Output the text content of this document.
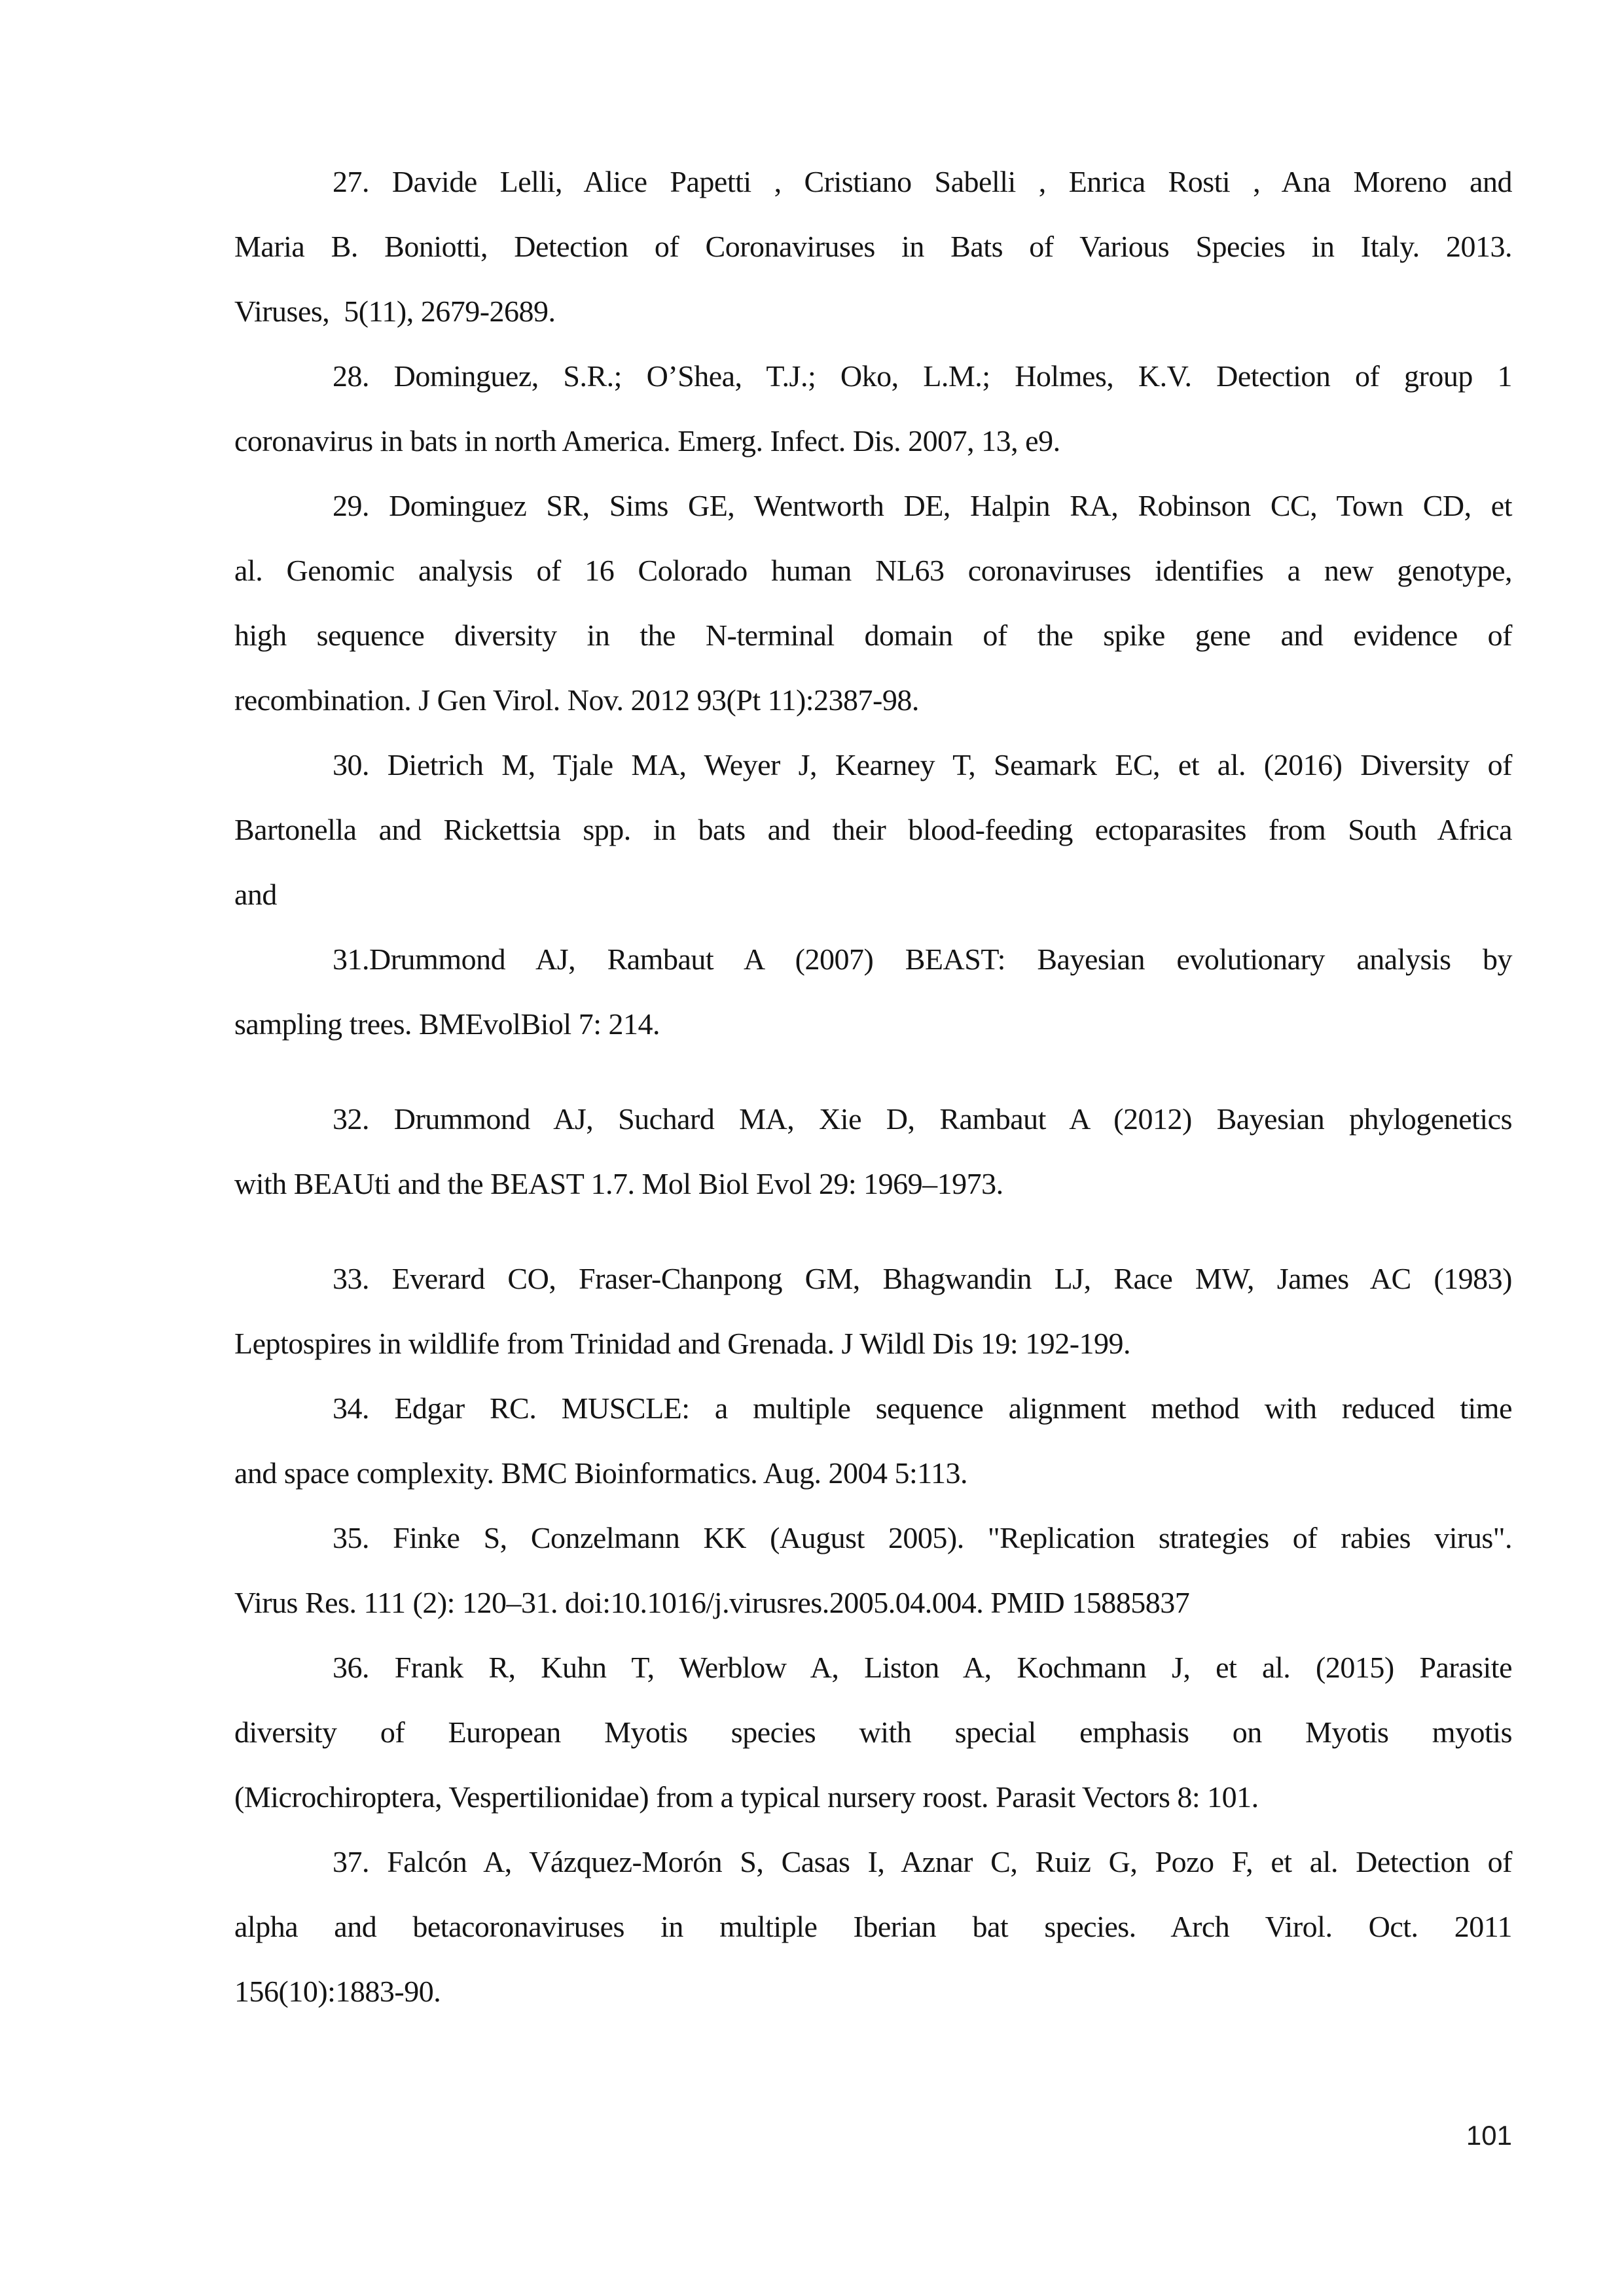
27. Davide Lelli, Alice Papetti , Cristiano Sabelli , Enrica Rosti , Ana Moreno and
Maria B. Boniotti, Detection of Coronaviruses in Bats of Various Species in Italy. 2013.
Viruses,  5(11), 2679-2689.

28. Dominguez, S.R.; O’Shea, T.J.; Oko, L.M.; Holmes, K.V. Detection of group 1
coronavirus in bats in north America. Emerg. Infect. Dis. 2007, 13, e9.

29. Dominguez SR, Sims GE, Wentworth DE, Halpin RA, Robinson CC, Town CD, et
al. Genomic analysis of 16 Colorado human NL63 coronaviruses identifies a new genotype,
high sequence diversity in the N-terminal domain of the spike gene and evidence of
recombination. J Gen Virol. Nov. 2012 93(Pt 11):2387-98.

30. Dietrich M, Tjale MA, Weyer J, Kearney T, Seamark EC, et al. (2016) Diversity of
Bartonella and Rickettsia spp. in bats and their blood-feeding ectoparasites from South Africa
and

31.Drummond AJ, Rambaut A (2007) BEAST: Bayesian evolutionary analysis by
sampling trees. BMEvolBiol 7: 214.

32. Drummond AJ, Suchard MA, Xie D, Rambaut A (2012) Bayesian phylogenetics
with BEAUti and the BEAST 1.7. Mol Biol Evol 29: 1969–1973.

33. Everard CO, Fraser-Chanpong GM, Bhagwandin LJ, Race MW, James AC (1983)
Leptospires in wildlife from Trinidad and Grenada. J Wildl Dis 19: 192-199.

34. Edgar RC. MUSCLE: a multiple sequence alignment method with reduced time
and space complexity. BMC Bioinformatics. Aug. 2004 5:113.

35. Finke S, Conzelmann KK (August 2005). "Replication strategies of rabies virus".
Virus Res. 111 (2): 120–31. doi:10.1016/j.virusres.2005.04.004. PMID 15885837

36. Frank R, Kuhn T, Werblow A, Liston A, Kochmann J, et al. (2015) Parasite
diversity of European Myotis species with special emphasis on Myotis myotis
(Microchiroptera, Vespertilionidae) from a typical nursery roost. Parasit Vectors 8: 101.

37. Falcón A, Vázquez-Morón S, Casas I, Aznar C, Ruiz G, Pozo F, et al. Detection of
alpha and betacoronaviruses in multiple Iberian bat species. Arch Virol. Oct. 2011
156(10):1883-90.

101
